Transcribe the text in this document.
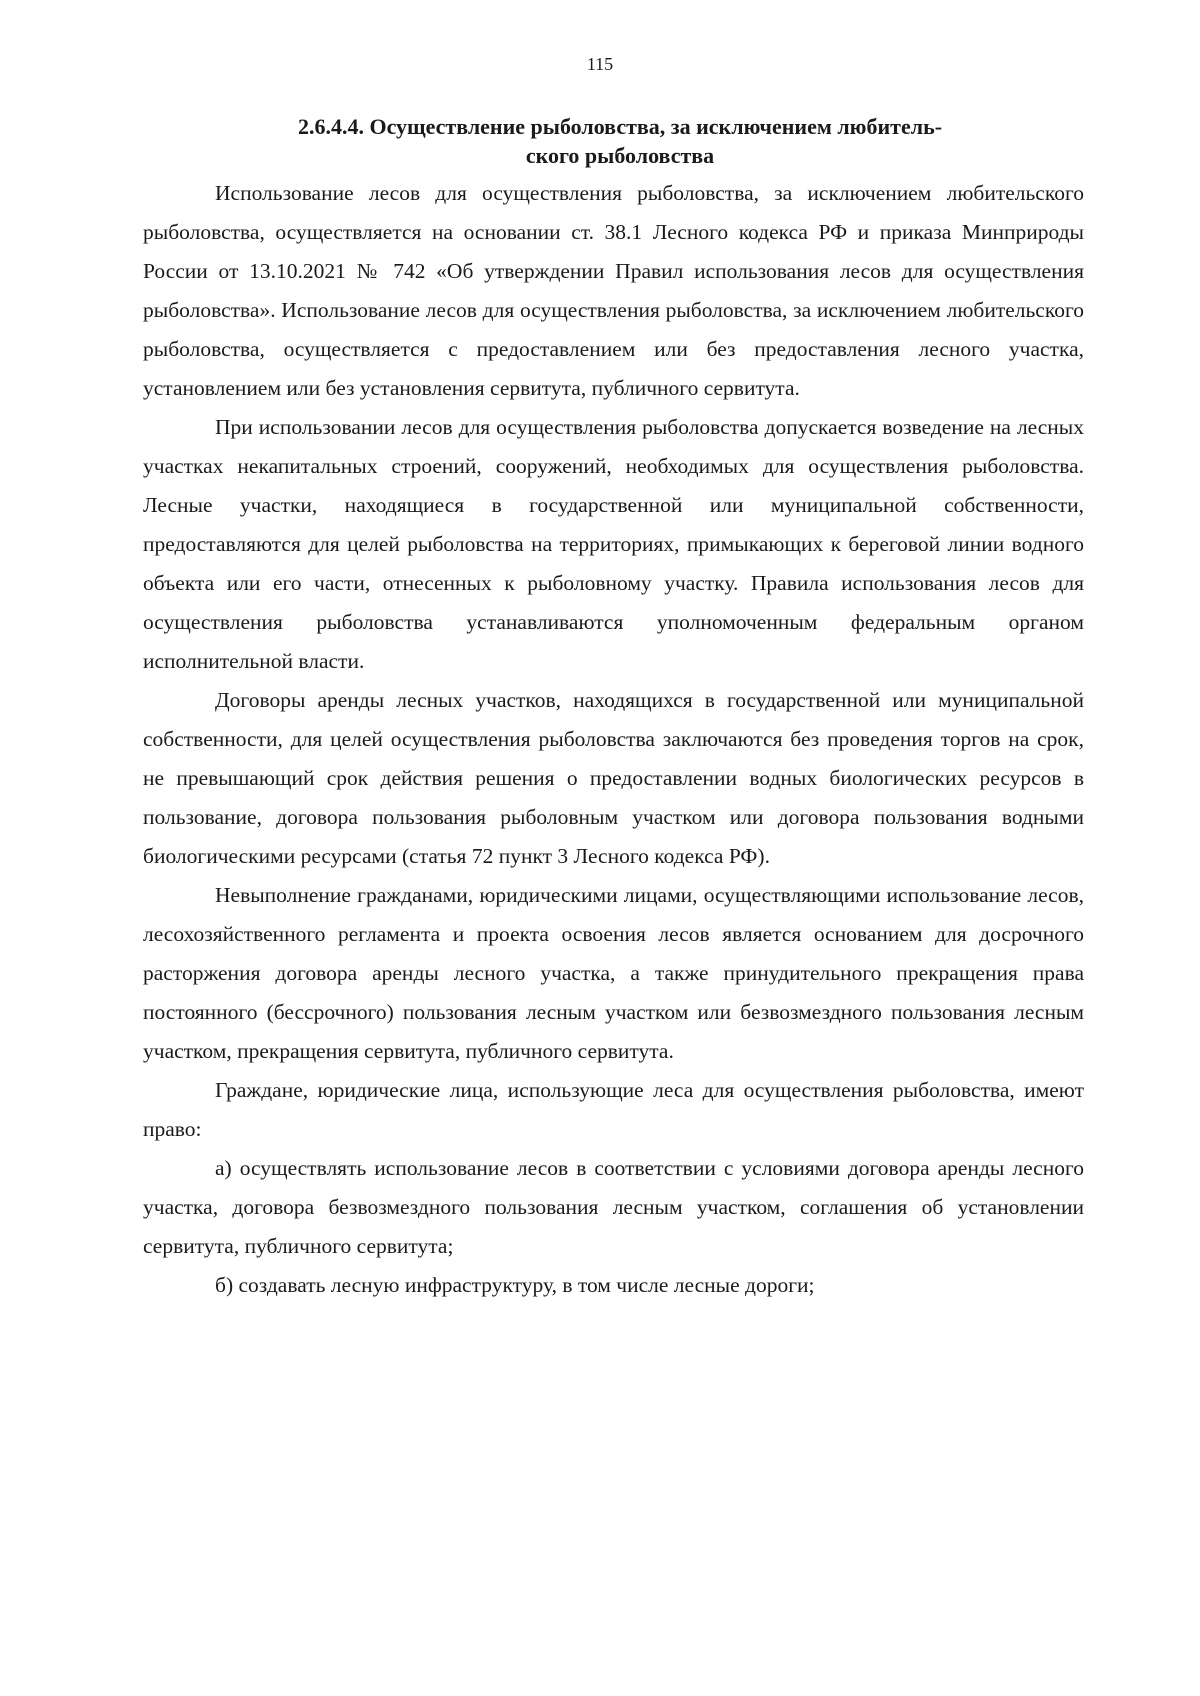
115
2.6.4.4. Осуществление рыболовства, за исключением любитель-
ского рыболовства

Использование лесов для осуществления рыболовства, за исключением любительского рыболовства, осуществляется на основании ст. 38.1 Лесного кодекса РФ и приказа Минприроды России от 13.10.2021 № 742 «Об утверждении Правил использования лесов для осуществления рыболовства». Использование лесов для осуществления рыболовства, за исключением любительского рыболовства, осуществляется с предоставлением или без предоставления лесного участка, установлением или без установления сервитута, публичного сервитута.

При использовании лесов для осуществления рыболовства допускается возведение на лесных участках некапитальных строений, сооружений, необходимых для осуществления рыболовства. Лесные участки, находящиеся в государственной или муниципальной собственности, предоставляются для целей рыболовства на территориях, примыкающих к береговой линии водного объекта или его части, отнесенных к рыболовному участку. Правила использования лесов для осуществления рыболовства устанавливаются уполномоченным федеральным органом исполнительной власти.

Договоры аренды лесных участков, находящихся в государственной или муниципальной собственности, для целей осуществления рыболовства заключаются без проведения торгов на срок, не превышающий срок действия решения о предоставлении водных биологических ресурсов в пользование, договора пользования рыболовным участком или договора пользования водными биологическими ресурсами (статья 72 пункт 3 Лесного кодекса РФ).

Невыполнение гражданами, юридическими лицами, осуществляющими использование лесов, лесохозяйственного регламента и проекта освоения лесов является основанием для досрочного расторжения договора аренды лесного участка, а также принудительного прекращения права постоянного (бессрочного) пользования лесным участком или безвозмездного пользования лесным участком, прекращения сервитута, публичного сервитута.

Граждане, юридические лица, использующие леса для осуществления рыболовства, имеют право:

а) осуществлять использование лесов в соответствии с условиями договора аренды лесного участка, договора безвозмездного пользования лесным участком, соглашения об установлении сервитута, публичного сервитута;

б) создавать лесную инфраструктуру, в том числе лесные дороги;
